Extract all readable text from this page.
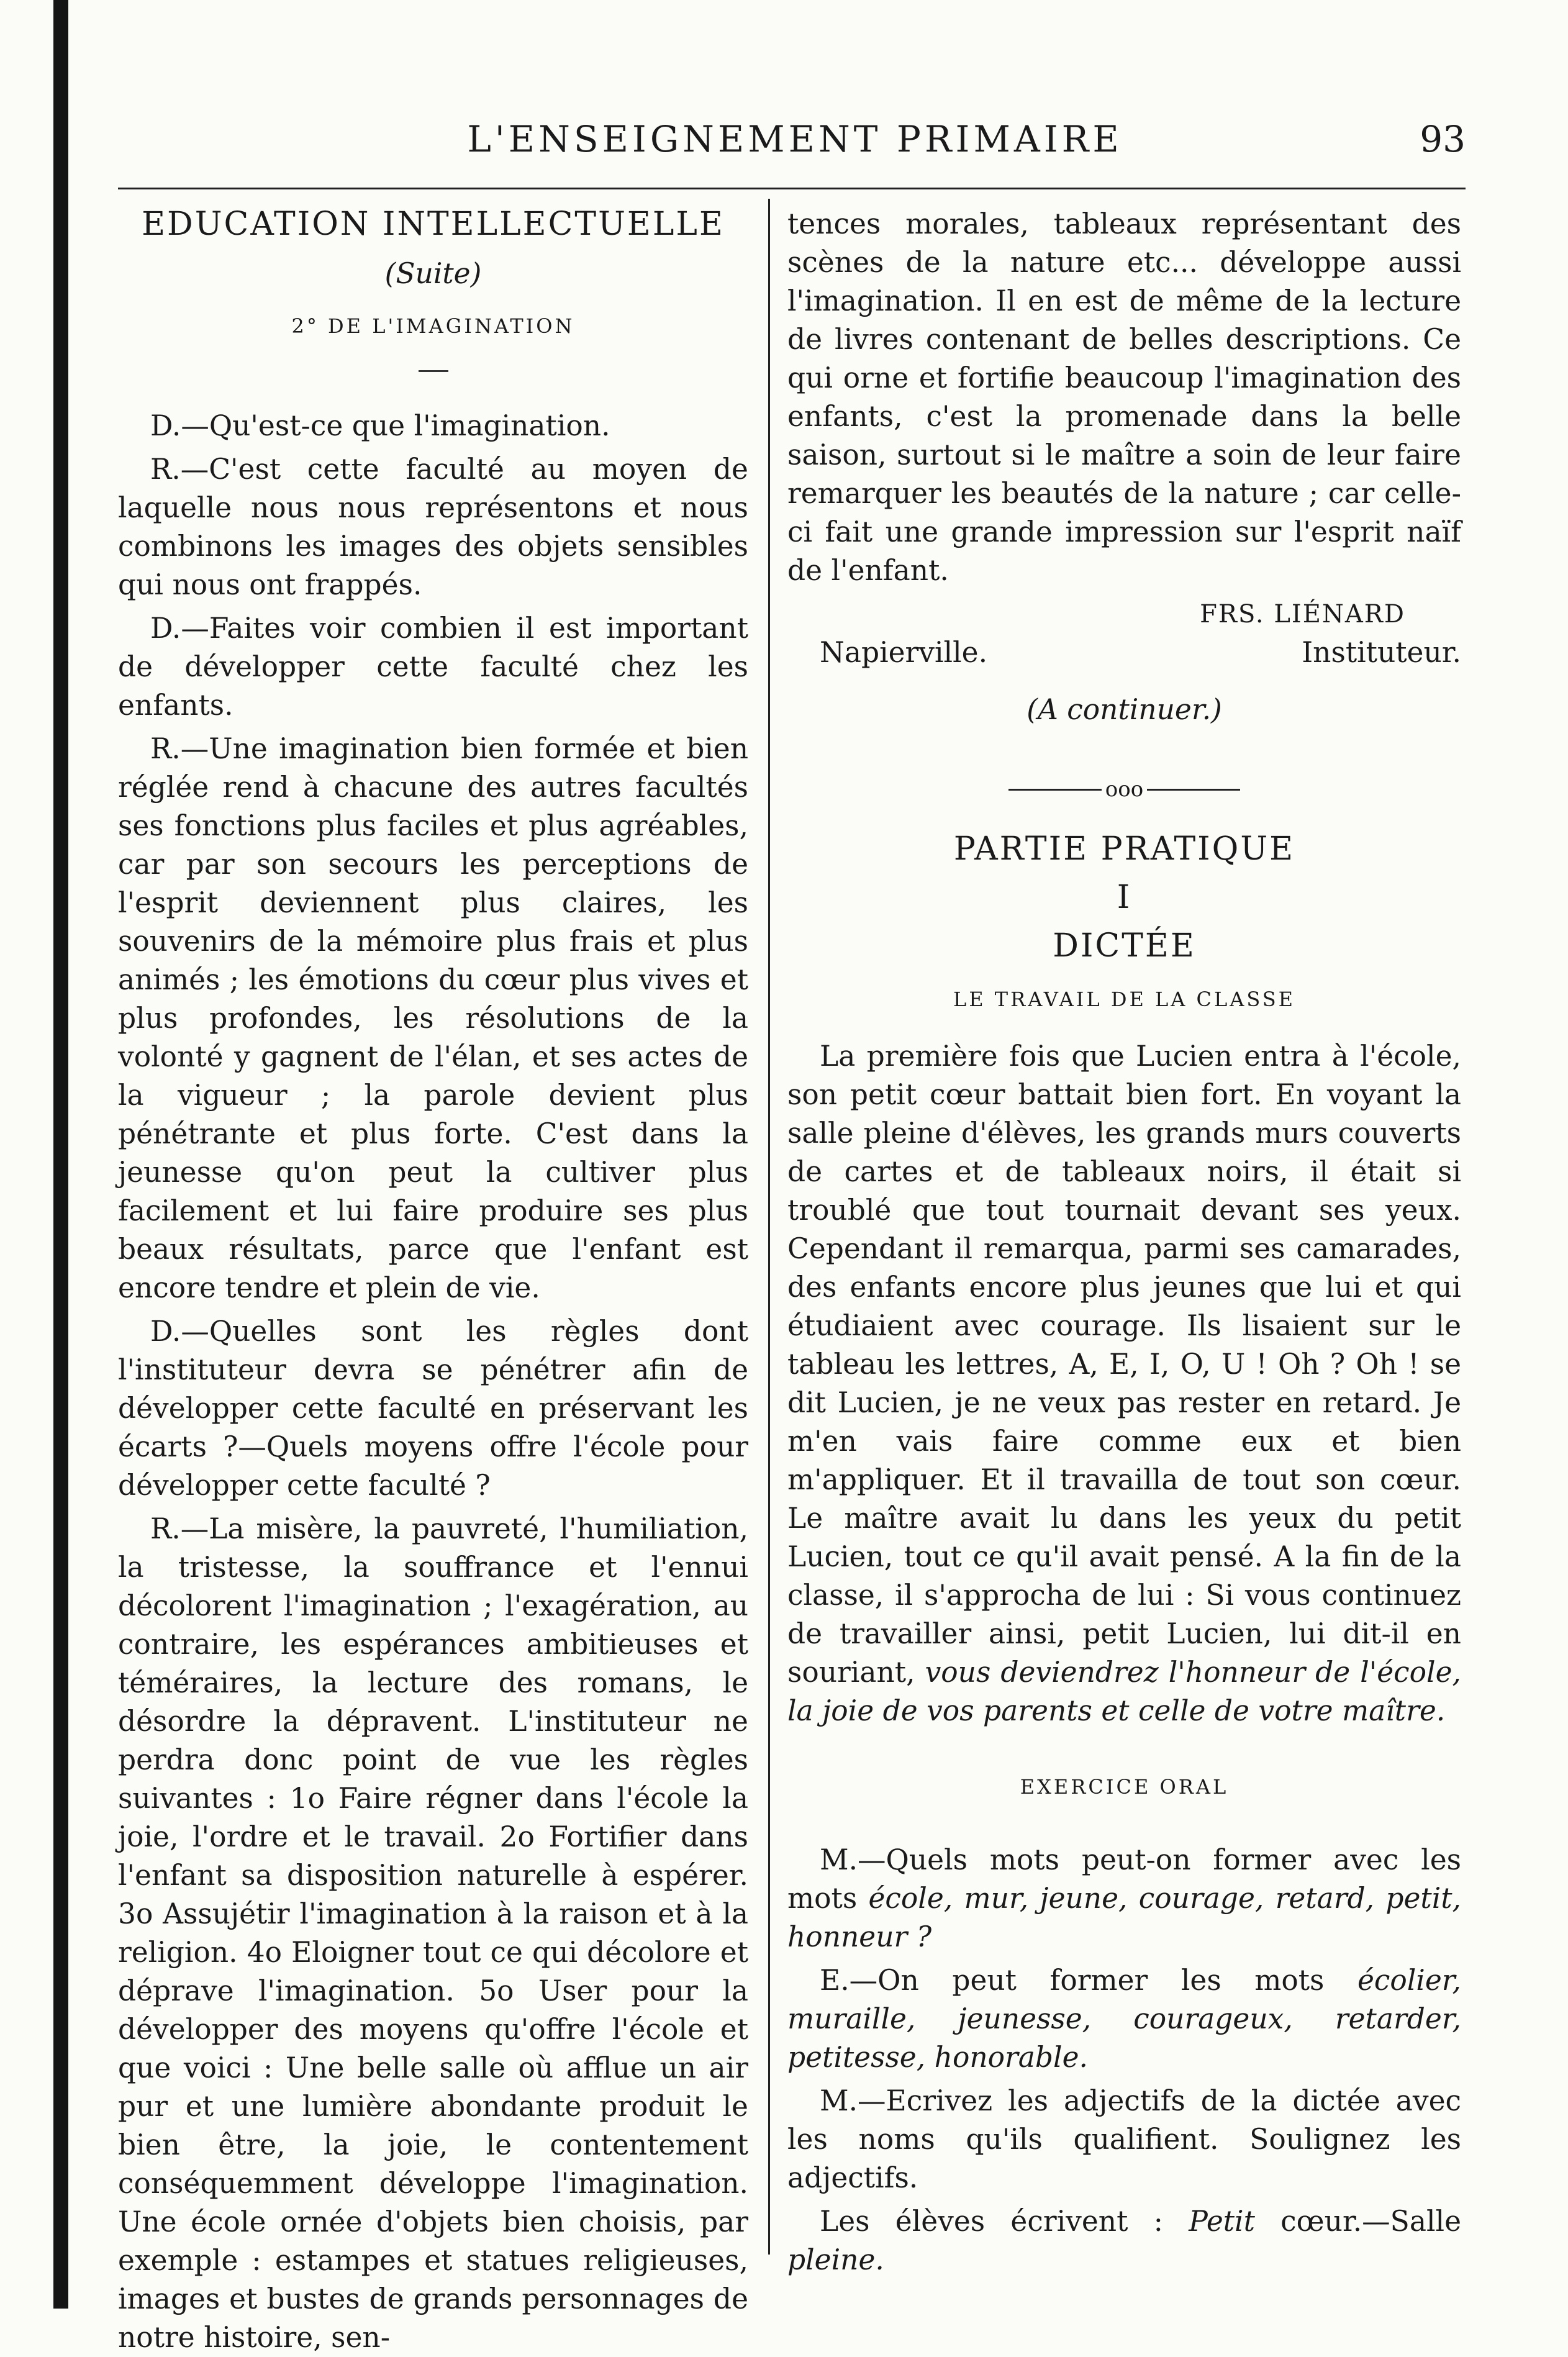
L'ENSEIGNEMENT PRIMAIRE	93
EDUCATION INTELLECTUELLE
(Suite)
2° DE L'IMAGINATION

D.—Qu'est-ce que l'imagination.

R.—C'est cette faculté au moyen de laquelle nous nous représentons et nous combinons les images des objets sensibles qui nous ont frappés.

D.—Faites voir combien il est important de développer cette faculté chez les enfants.

R.—Une imagination bien formée et bien réglée rend à chacune des autres facultés ses fonctions plus faciles et plus agréables, car par son secours les perceptions de l'esprit deviennent plus claires, les souvenirs de la mémoire plus frais et plus animés ; les émotions du cœur plus vives et plus profondes, les résolutions de la volonté y gagnent de l'élan, et ses actes de la vigueur ; la parole devient plus pénétrante et plus forte. C'est dans la jeunesse qu'on peut la cultiver plus facilement et lui faire produire ses plus beaux résultats, parce que l'enfant est encore tendre et plein de vie.

D.—Quelles sont les règles dont l'instituteur devra se pénétrer afin de développer cette faculté en préservant les écarts ?—Quels moyens offre l'école pour développer cette faculté ?

R.—La misère, la pauvreté, l'humiliation, la tristesse, la souffrance et l'ennui décolorent l'imagination ; l'exagération, au contraire, les espérances ambitieuses et téméraires, la lecture des romans, le désordre la dépravent. L'instituteur ne perdra donc point de vue les règles suivantes : 1o Faire régner dans l'école la joie, l'ordre et le travail. 2o Fortifier dans l'enfant sa disposition naturelle à espérer. 3o Assujétir l'imagination à la raison et à la religion. 4o Eloigner tout ce qui décolore et déprave l'imagination. 5o User pour la développer des moyens qu'offre l'école et que voici : Une belle salle où afflue un air pur et une lumière abondante produit le bien être, la joie, le contentement conséquemment développe l'imagination. Une école ornée d'objets bien choisis, par exemple : estampes et statues religieuses, images et bustes de grands personnages de notre histoire, sen-

tences morales, tableaux représentant des scènes de la nature etc... développe aussi l'imagination. Il en est de même de la lecture de livres contenant de belles descriptions. Ce qui orne et fortifie beaucoup l'imagination des enfants, c'est la promenade dans la belle saison, surtout si le maître a soin de leur faire remarquer les beautés de la nature ; car celle-ci fait une grande impression sur l'esprit naïf de l'enfant.

FRS. LIÉNARD
Napierville.	Instituteur.
(A continuer.)
ooo
PARTIE PRATIQUE
I
DICTÉE
LE TRAVAIL DE LA CLASSE

La première fois que Lucien entra à l'école, son petit cœur battait bien fort. En voyant la salle pleine d'élèves, les grands murs couverts de cartes et de tableaux noirs, il était si troublé que tout tournait devant ses yeux. Cependant il remarqua, parmi ses camarades, des enfants encore plus jeunes que lui et qui étudiaient avec courage. Ils lisaient sur le tableau les lettres, A, E, I, O, U ! Oh ? Oh ! se dit Lucien, je ne veux pas rester en retard. Je m'en vais faire comme eux et bien m'appliquer. Et il travailla de tout son cœur. Le maître avait lu dans les yeux du petit Lucien, tout ce qu'il avait pensé. A la fin de la classe, il s'approcha de lui : Si vous continuez de travailler ainsi, petit Lucien, lui dit-il en souriant, vous deviendrez l'honneur de l'école, la joie de vos parents et celle de votre maître.

EXERCICE ORAL

M.—Quels mots peut-on former avec les mots école, mur, jeune, courage, retard, petit, honneur ?

E.—On peut former les mots écolier, muraille, jeunesse, courageux, retarder, petitesse, honorable.

M.—Ecrivez les adjectifs de la dictée avec les noms qu'ils qualifient. Soulignez les adjectifs.

Les élèves écrivent : Petit cœur.—Salle pleine.
